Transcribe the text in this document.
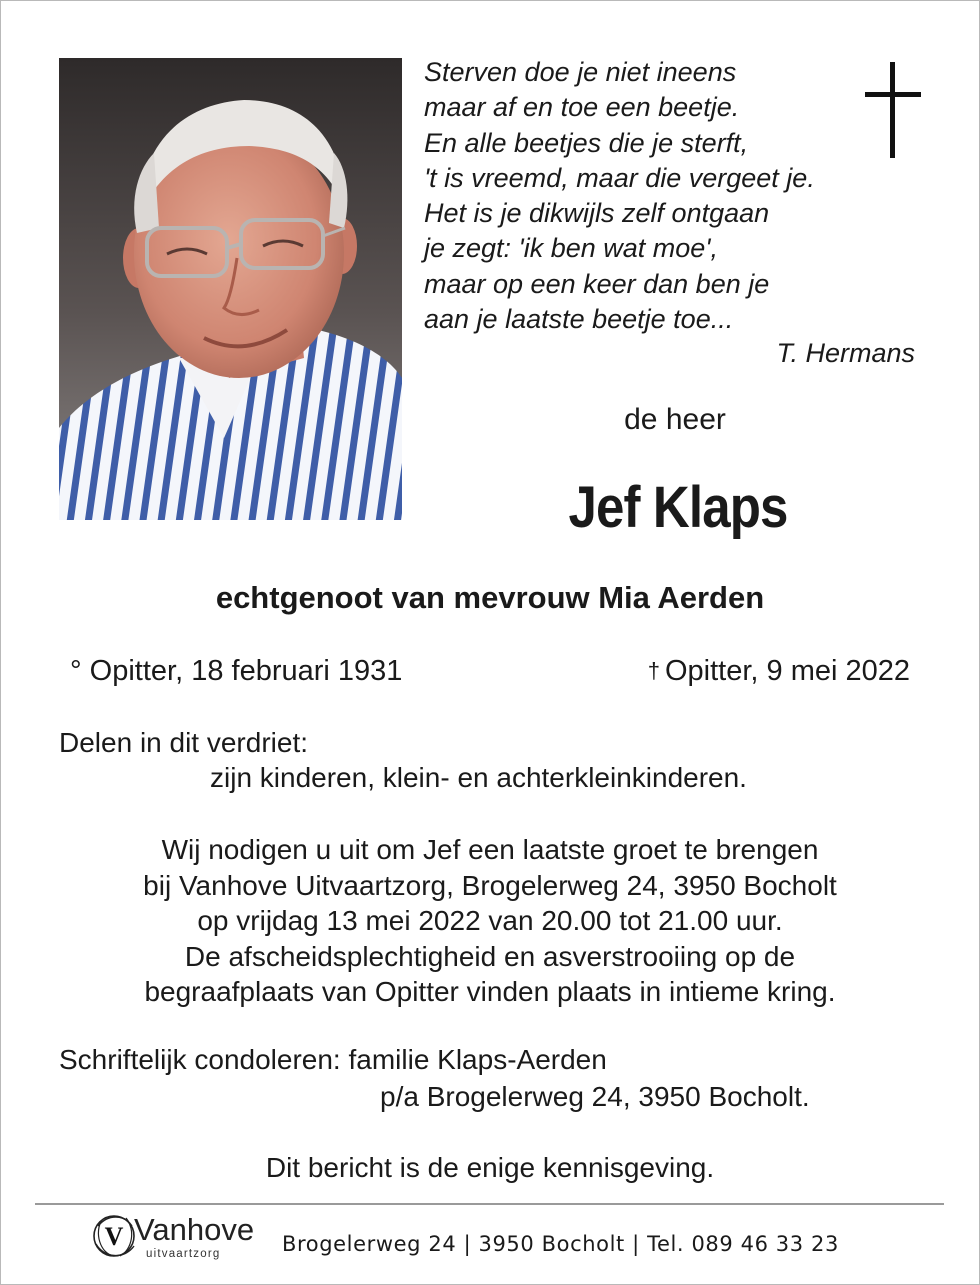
Sterven doe je niet ineens
maar af en toe een beetje.
En alle beetjes die je sterft,
't is vreemd, maar die vergeet je.
Het is je dikwijls zelf ontgaan
je zegt: 'ik ben wat moe',
maar op een keer dan ben je
aan je laatste beetje toe...
T. Hermans
de heer
Jef Klaps
echtgenoot van mevrouw Mia Aerden
° Opitter, 18 februari 1931	† Opitter, 9 mei 2022
Delen in dit verdriet:
zijn kinderen, klein- en achterkleinkinderen.
Wij nodigen u uit om Jef een laatste groet te brengen
bij Vanhove Uitvaartzorg, Brogelerweg 24, 3950 Bocholt
op vrijdag 13 mei 2022 van 20.00 tot 21.00 uur.
De afscheidsplechtigheid en asverstrooiing op de
begraafplaats van Opitter vinden plaats in intieme kring.
Schriftelijk condoleren: familie Klaps-Aerden
p/a Brogelerweg 24, 3950 Bocholt.
Dit bericht is de enige kennisgeving.
V Vanhove
uitvaartzorg	Brogelerweg 24 | 3950 Bocholt | Tel. 089 46 33 23
